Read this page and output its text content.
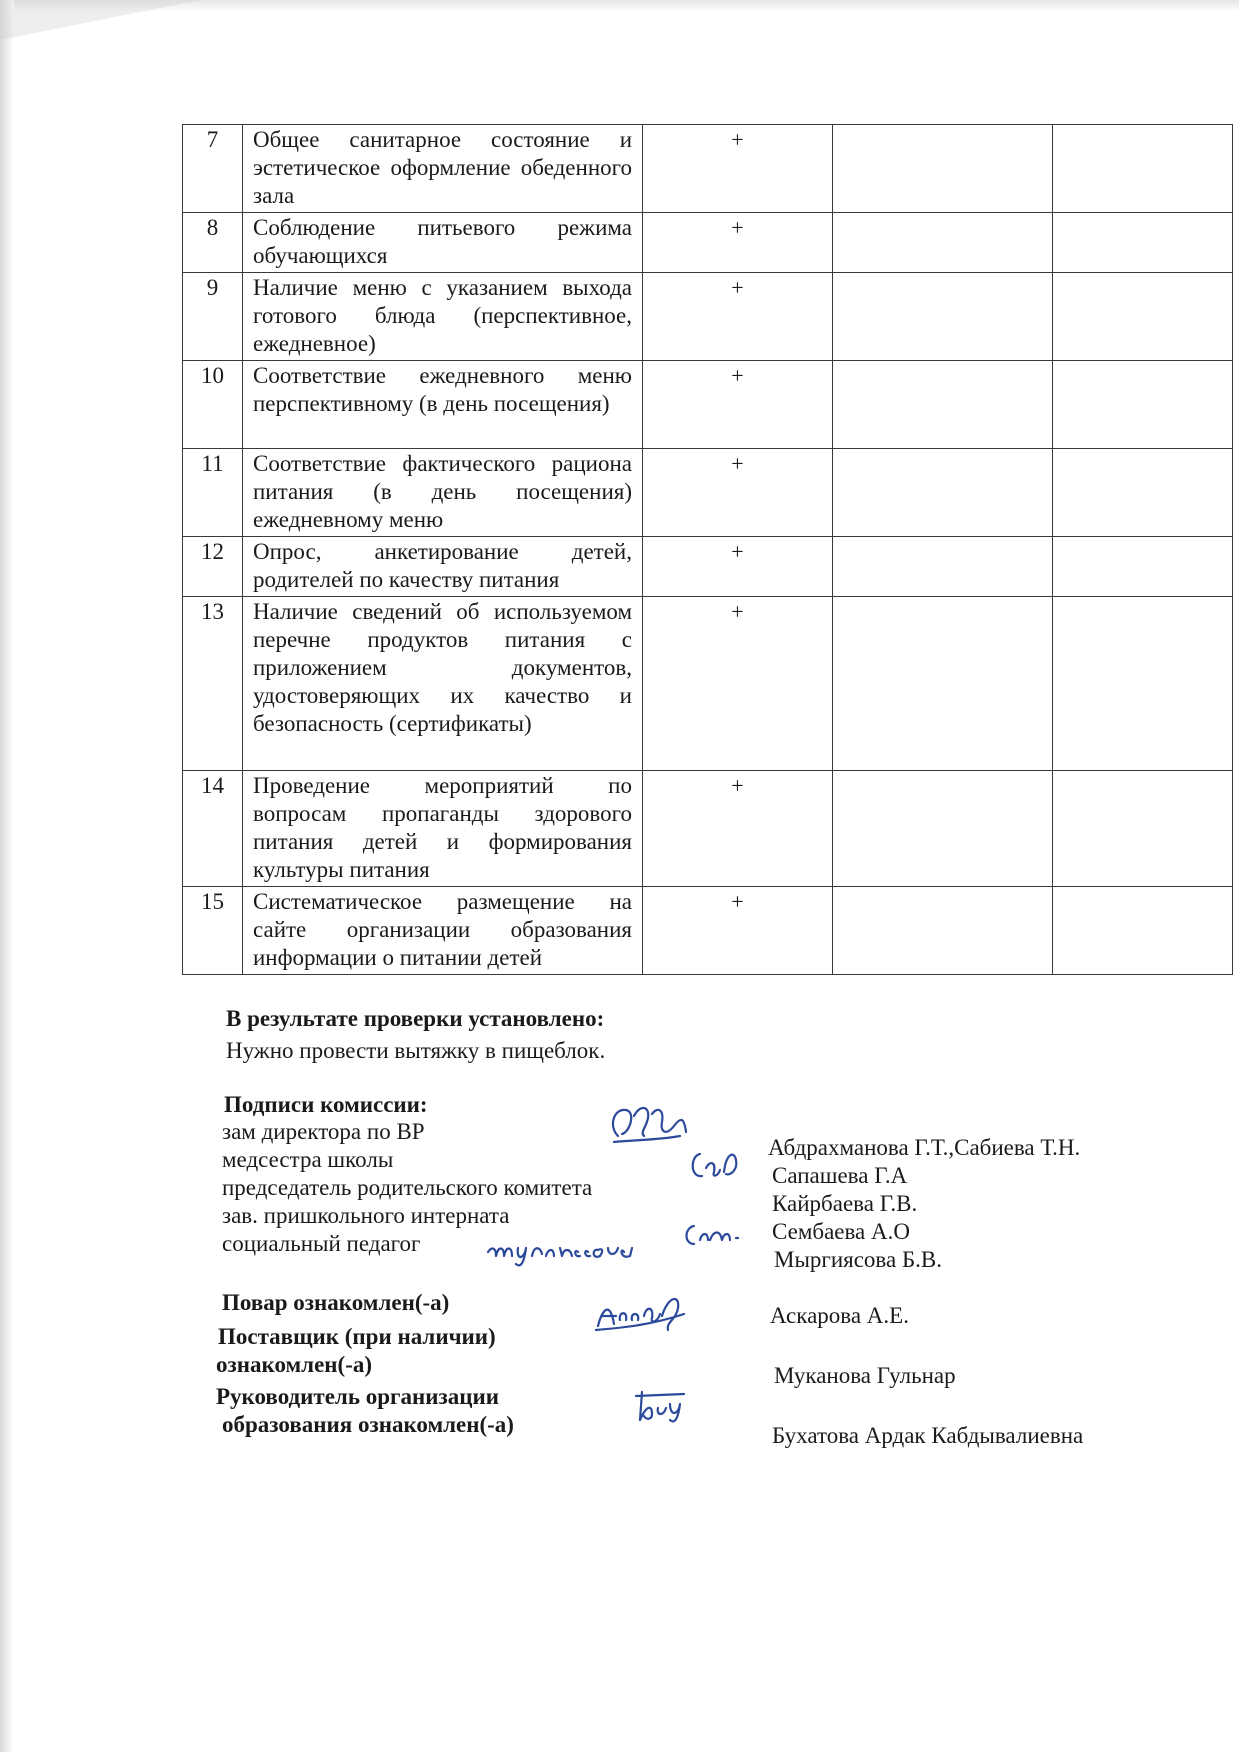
7	Общее санитарное состояние и эстетическое оформление обеденного зала	+		
8	Соблюдение питьевого режима обучающихся	+		
9	Наличие меню с указанием выхода готового блюда (перспективное, ежедневное)	+		
10	Соответствие ежедневного меню перспективному (в день посещения)	+		
11	Соответствие фактического рациона питания (в день посещения) ежедневному меню	+		
12	Опрос, анкетирование детей, родителей по качеству питания	+		
13	Наличие сведений об используемом перечне продуктов питания с приложением документов, удостоверяющих их качество и безопасность (сертификаты)	+		
14	Проведение мероприятий по вопросам пропаганды здорового питания детей и формирования культуры питания	+		
15	Систематическое размещение на сайте организации образования информации о питании детей	+		
В результате проверки установлено:
Нужно провести вытяжку в пищеблок.
Подписи комиссии:
зам директора по ВР
медсестра школы
председатель родительского комитета
зав. пришкольного интерната
социальный педагог
Абдрахманова Г.Т.,Сабиева Т.Н.
Сапашева Г.А
Кайрбаева Г.В.
Сембаева А.О
Мыргиясова Б.В.
Повар ознакомлен(-а)
Аскарова А.Е.
Поставщик (при наличии)
ознакомлен(-а)	Муканова Гульнар
Руководитель организации
образования ознакомлен(-а)	Бухатова Ардак Кабдывалиевна
